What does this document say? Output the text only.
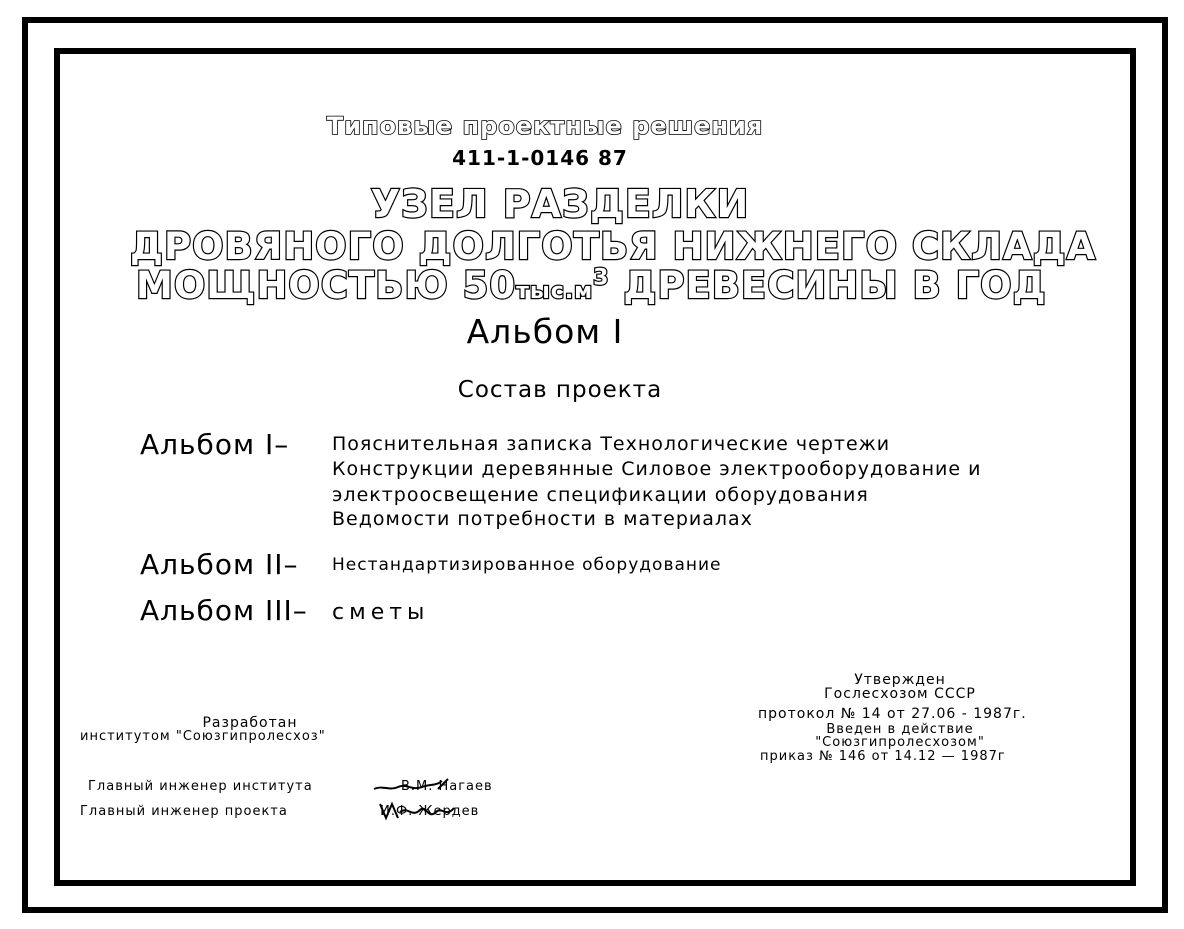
Типовые проектные решения
411-1-0146 87
УЗЕЛ РАЗДЕЛКИ
ДРОВЯНОГО ДОЛГОТЬЯ НИЖНЕГО СКЛАДА
МОЩНОСТЬЮ $50тыс.м^3$ ДРЕВЕСИНЫ В ГОД
Альбом I
Состав проекта
Альбом I– Пояснительная записка Технологические чертежи
Конструкции деревянные Силовое электрооборудование и
электроосвещение спецификации оборудования
Ведомости потребности в материалах
Альбом II– Нестандартизированное оборудование
Альбом III– сметы
Разработан
институтом "Союзгипролесхоз"
Утвержден
Гослесхозом СССР
протокол № 14 от 27.06 - 1987г.
Введен в действие
"Союзгипролесхозом"
приказ № 146 от 14.12 — 1987г
Главный инженер института	В.М. Нагаев
Главный инженер проекта	И.Ф. Жердев
